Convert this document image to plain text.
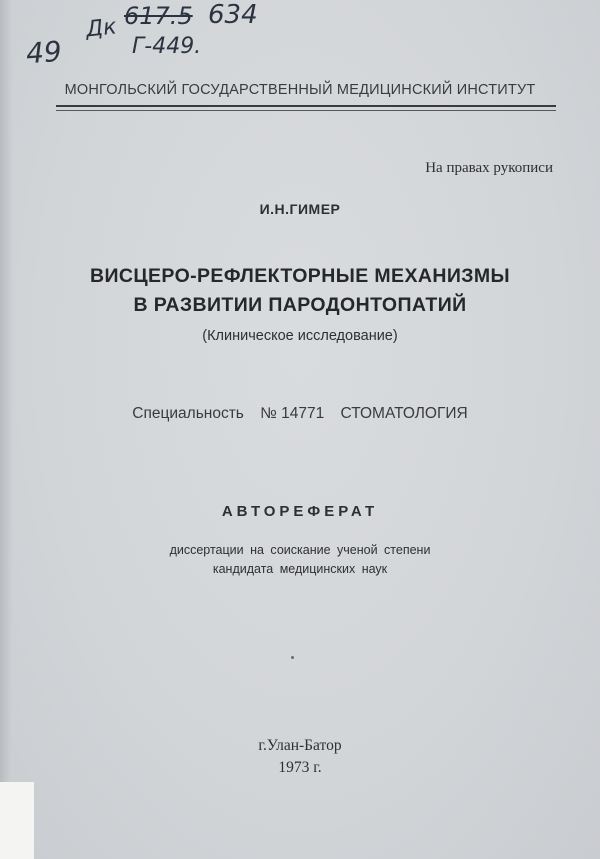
49
Дк 617.5 634
Г-449.
МОНГОЛЬСКИЙ ГОСУДАРСТВЕННЫЙ МЕДИЦИНСКИЙ ИНСТИТУТ
На правах рукописи
И.Н.ГИМЕР
ВИСЦЕРО-РЕФЛЕКТОРНЫЕ МЕХАНИЗМЫ
В РАЗВИТИИ ПАРОДОНТОПАТИЙ
(Клиническое исследование)
Специальность № 14771 СТОМАТОЛОГИЯ
АВТОРЕФЕРАТ
диссертации на соискание ученой степени
кандидата медицинских наук
г.Улан-Батор
1973 г.
